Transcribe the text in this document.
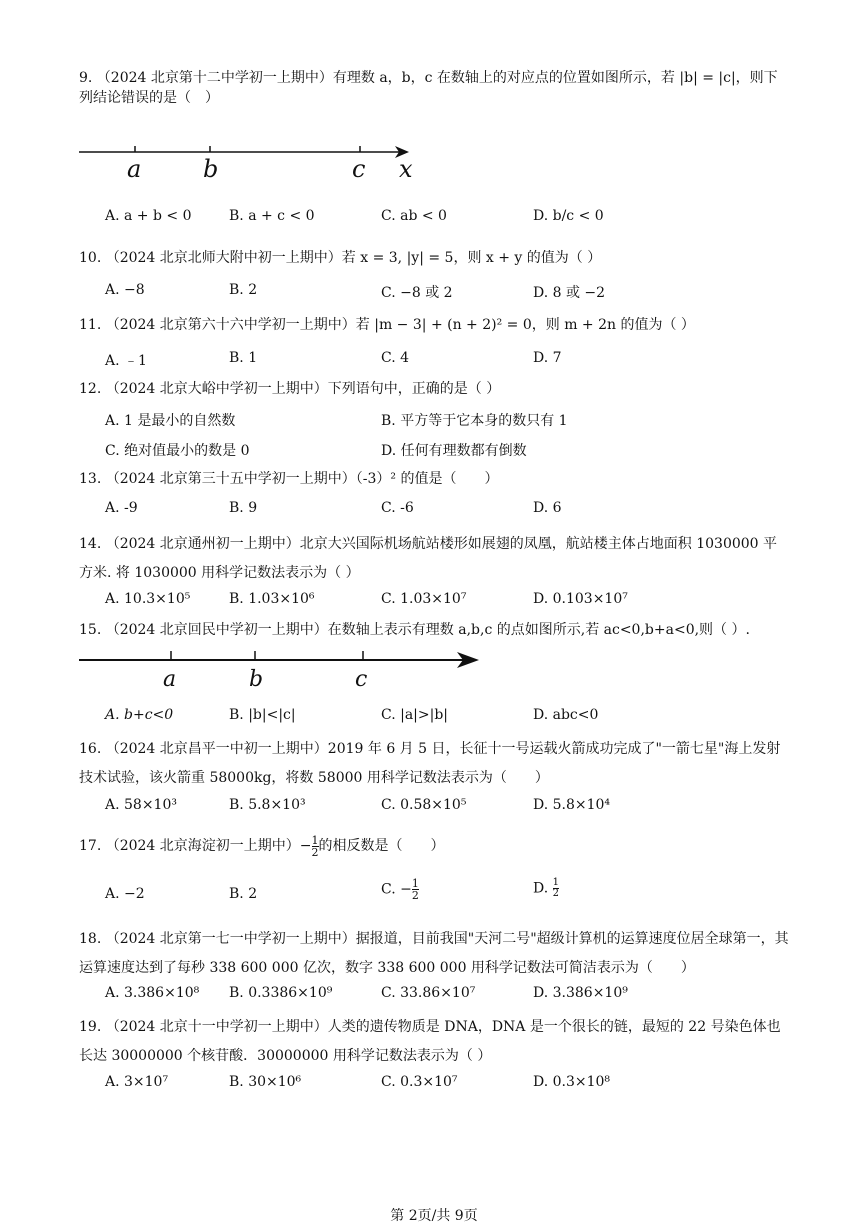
9. （2024 北京第十二中学初一上期中）有理数 a，b，c 在数轴上的对应点的位置如图所示，若 |b| = |c|，则下列结论错误的是（　）
a	b	c x
A. a + b < 0	B. a + c < 0	C. ab < 0	D. b/c < 0
10. （2024 北京北师大附中初一上期中）若 x = 3, |y| = 5，则 x + y 的值为（ ）
A. −8	B. 2	C. −8 或 2	D. 8 或 −2
11. （2024 北京第六十六中学初一上期中）若 |m − 3| + (n + 2)² = 0，则 m + 2n 的值为（ ）
A. ﹣1	B. 1	C. 4	D. 7
12. （2024 北京大峪中学初一上期中）下列语句中，正确的是（ ）
A. 1 是最小的自然数	B. 平方等于它本身的数只有 1
C. 绝对值最小的数是 0	D. 任何有理数都有倒数
13. （2024 北京第三十五中学初一上期中）（-3）² 的值是（　　）
A. -9	B. 9	C. -6	D. 6
14. （2024 北京通州初一上期中）北京大兴国际机场航站楼形如展翅的凤凰，航站楼主体占地面积 1030000 平方米. 将 1030000 用科学记数法表示为（ ）
A. 10.3×10⁵	B. 1.03×10⁶	C. 1.03×10⁷	D. 0.103×10⁷
15. （2024 北京回民中学初一上期中）在数轴上表示有理数 a,b,c 的点如图所示,若 ac<0,b+a<0,则（ ）.
a	b	c
A. b+c<0	B. |b|<|c|	C. |a|>|b|	D. abc<0
16. （2024 北京昌平一中初一上期中）2019 年 6 月 5 日，长征十一号运载火箭成功完成了"一箭七星"海上发射技术试验，该火箭重 58000kg，将数 58000 用科学记数法表示为（　　）
A. 58×10³	B. 5.8×10³	C. 0.58×10⁵	D. 5.8×10⁴
17. （2024 北京海淀初一上期中）− $\frac{1}{2}$ 的相反数是（　　）
A. −2	B. 2	C. − $\frac{1}{2}$	D. $\frac{1}{2}$
18. （2024 北京第一七一中学初一上期中）据报道，目前我国"天河二号"超级计算机的运算速度位居全球第一，其运算速度达到了每秒 338 600 000 亿次，数字 338 600 000 用科学记数法可简洁表示为（　　）
A. 3.386×10⁸ B. 0.3386×10⁹	C. 33.86×10⁷	D. 3.386×10⁹
19. （2024 北京十一中学初一上期中）人类的遗传物质是 DNA，DNA 是一个很长的链，最短的 22 号染色体也长达 30000000 个核苷酸．30000000 用科学记数法表示为（ ）
A. 3×10⁷	B. 30×10⁶	C. 0.3×10⁷	D. 0.3×10⁸
第 2页/共 9页
